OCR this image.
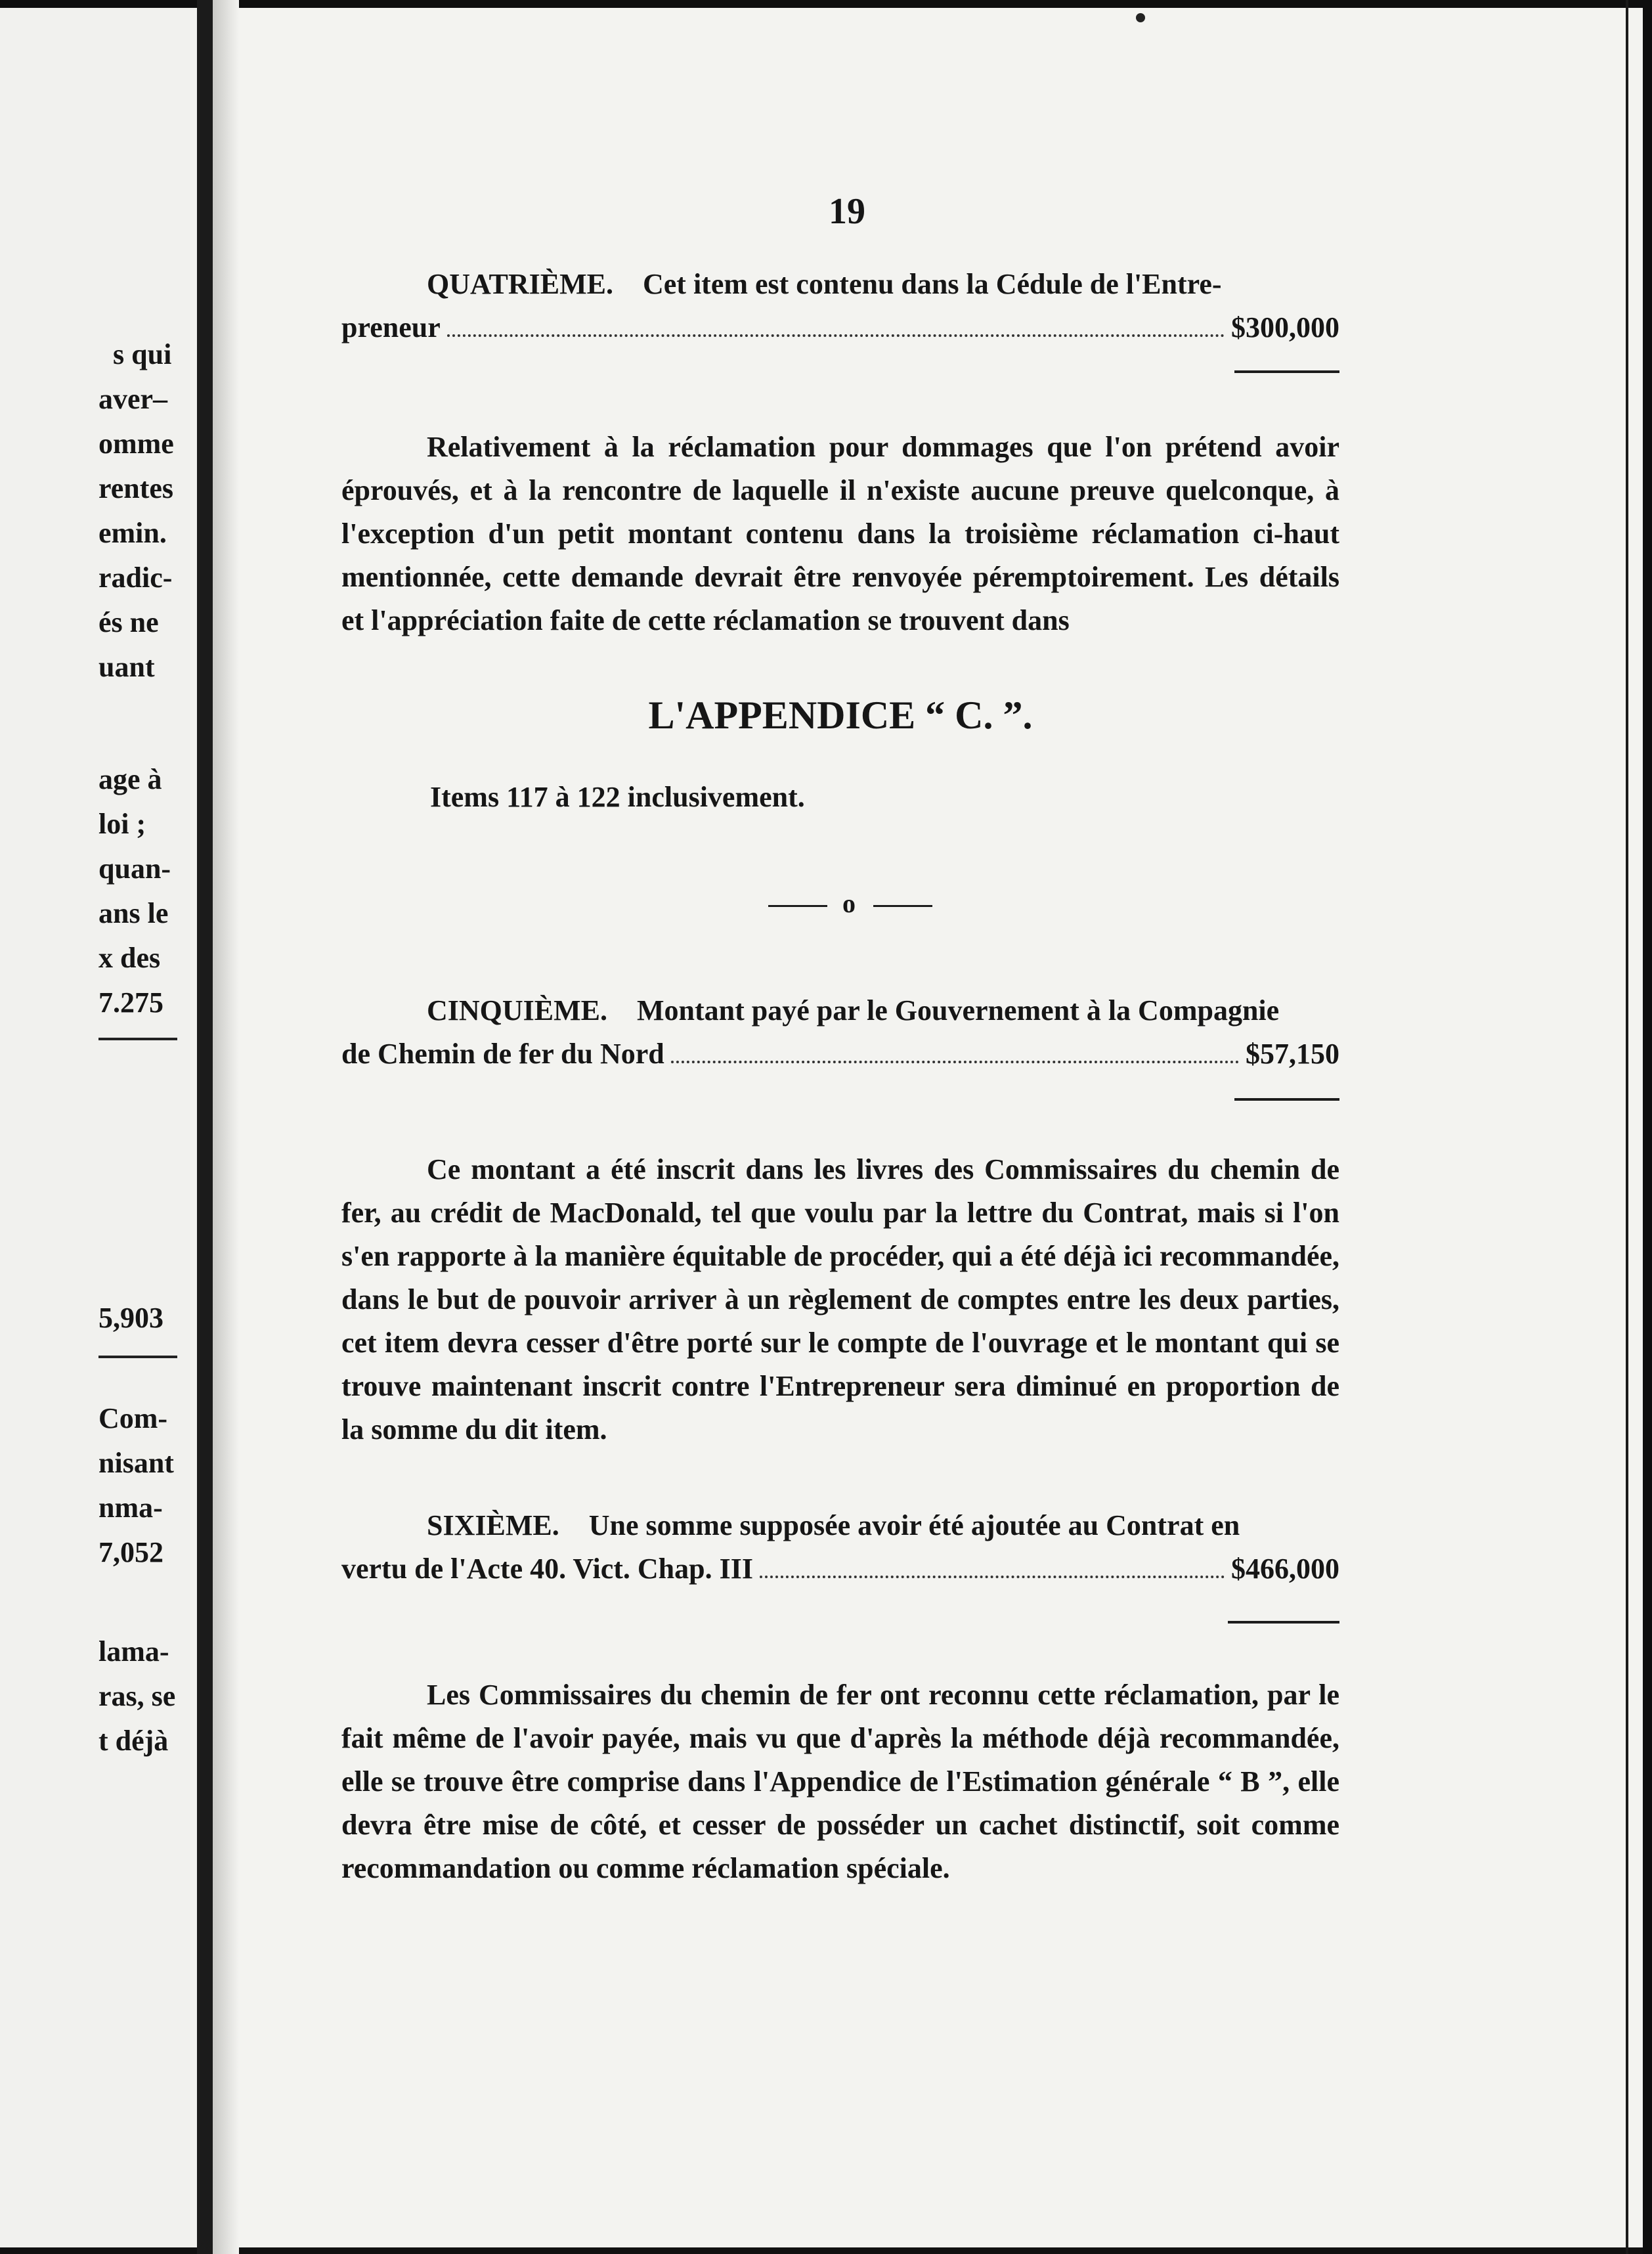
s qui
aver–
omme
rentes
emin.
radic-
és ne
uant
age à
loi ;
quan-
ans le
x des
7.275
5,903
Com-
nisant
nma-
7,052
lama-
ras, se
t déjà
19
QUATRIÈME. Cet item est contenu dans la Cédule de l'Entre-
preneur	$300,000
Relativement à la réclamation pour dommages que l'on prétend avoir éprouvés, et à la rencontre de laquelle il n'existe aucune preuve quelconque, à l'exception d'un petit montant contenu dans la troisième réclamation ci-haut mentionnée, cette demande devrait être renvoyée péremptoirement. Les détails et l'appréciation faite de cette réclamation se trouvent dans
L'APPENDICE “ C. ”.
Items 117 à 122 inclusivement.
o
CINQUIÈME. Montant payé par le Gouvernement à la Compagnie
de Chemin de fer du Nord	$57,150
Ce montant a été inscrit dans les livres des Commissaires du chemin de fer, au crédit de MacDonald, tel que voulu par la lettre du Contrat, mais si l'on s'en rapporte à la manière équitable de procéder, qui a été déjà ici recommandée, dans le but de pouvoir arriver à un règlement de comptes entre les deux parties, cet item devra cesser d'être porté sur le compte de l'ouvrage et le montant qui se trouve maintenant inscrit contre l'Entrepreneur sera diminué en proportion de la somme du dit item.
SIXIÈME. Une somme supposée avoir été ajoutée au Contrat en
vertu de l'Acte 40. Vict. Chap. III	$466,000
Les Commissaires du chemin de fer ont reconnu cette réclamation, par le fait même de l'avoir payée, mais vu que d'après la méthode déjà recommandée, elle se trouve être comprise dans l'Appendice de l'Estimation générale “ B ”, elle devra être mise de côté, et cesser de posséder un cachet distinctif, soit comme recommandation ou comme réclamation spéciale.
